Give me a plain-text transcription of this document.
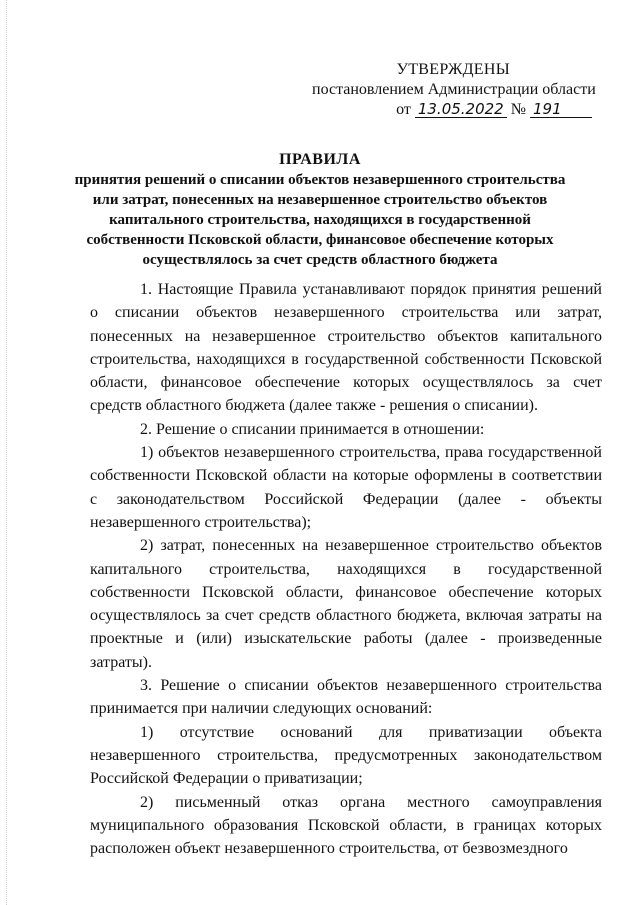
УТВЕРЖДЕНЫ
постановлением Администрации области
от 13.05.2022 № 191
ПРАВИЛА
принятия решений о списании объектов незавершенного строительства или затрат, понесенных на незавершенное строительство объектов капитального строительства, находящихся в государственной собственности Псковской области, финансовое обеспечение которых осуществлялось за счет средств областного бюджета

1. Настоящие Правила устанавливают порядок принятия решений о списании объектов незавершенного строительства или затрат, понесенных на незавершенное строительство объектов капитального строительства, находящихся в государственной собственности Псковской области, финансовое обеспечение которых осуществлялось за счет средств областного бюджета (далее также - решения о списании).

2. Решение о списании принимается в отношении:

1) объектов незавершенного строительства, права государственной собственности Псковской области на которые оформлены в соответствии с законодательством Российской Федерации (далее - объекты незавершенного строительства);

2) затрат, понесенных на незавершенное строительство объектов капитального строительства, находящихся в государственной собственности Псковской области, финансовое обеспечение которых осуществлялось за счет средств областного бюджета, включая затраты на проектные и (или) изыскательские работы (далее - произведенные затраты).

3. Решение о списании объектов незавершенного строительства принимается при наличии следующих оснований:

1) отсутствие оснований для приватизации объекта незавершенного строительства, предусмотренных законодательством Российской Федерации о приватизации;

2) письменный отказ органа местного самоуправления муниципального образования Псковской области, в границах которых расположен объект незавершенного строительства, от безвозмездного
